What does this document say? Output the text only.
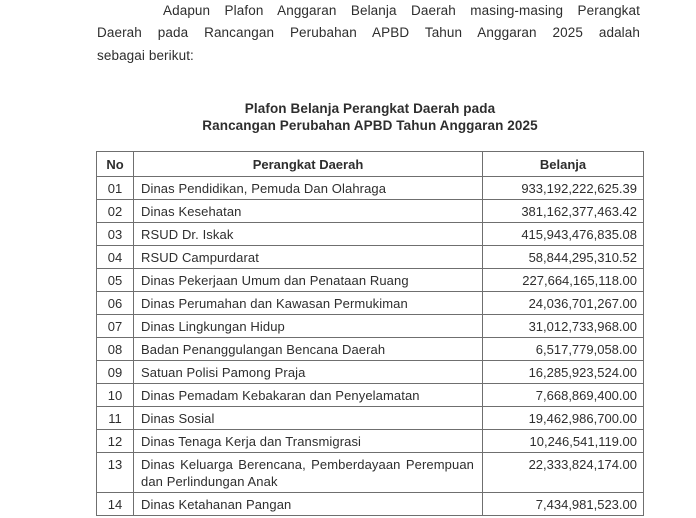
Adapun Plafon Anggaran Belanja Daerah masing-masing Perangkat
Daerah pada Rancangan Perubahan APBD Tahun Anggaran 2025 adalah
sebagai berikut:
Plafon Belanja Perangkat Daerah pada
Rancangan Perubahan APBD Tahun Anggaran 2025
No	Perangkat Daerah	Belanja
01	Dinas Pendidikan, Pemuda Dan Olahraga	933,192,222,625.39
02	Dinas Kesehatan	381,162,377,463.42
03	RSUD Dr. Iskak	415,943,476,835.08
04	RSUD Campurdarat	58,844,295,310.52
05	Dinas Pekerjaan Umum dan Penataan Ruang	227,664,165,118.00
06	Dinas Perumahan dan Kawasan Permukiman	24,036,701,267.00
07	Dinas Lingkungan Hidup	31,012,733,968.00
08	Badan Penanggulangan Bencana Daerah	6,517,779,058.00
09	Satuan Polisi Pamong Praja	16,285,923,524.00
10	Dinas Pemadam Kebakaran dan Penyelamatan	7,668,869,400.00
11	Dinas Sosial	19,462,986,700.00
12	Dinas Tenaga Kerja dan Transmigrasi	10,246,541,119.00
13	Dinas Keluarga Berencana, Pemberdayaan Perempuan dan Perlindungan Anak	22,333,824,174.00
14	Dinas Ketahanan Pangan	7,434,981,523.00
